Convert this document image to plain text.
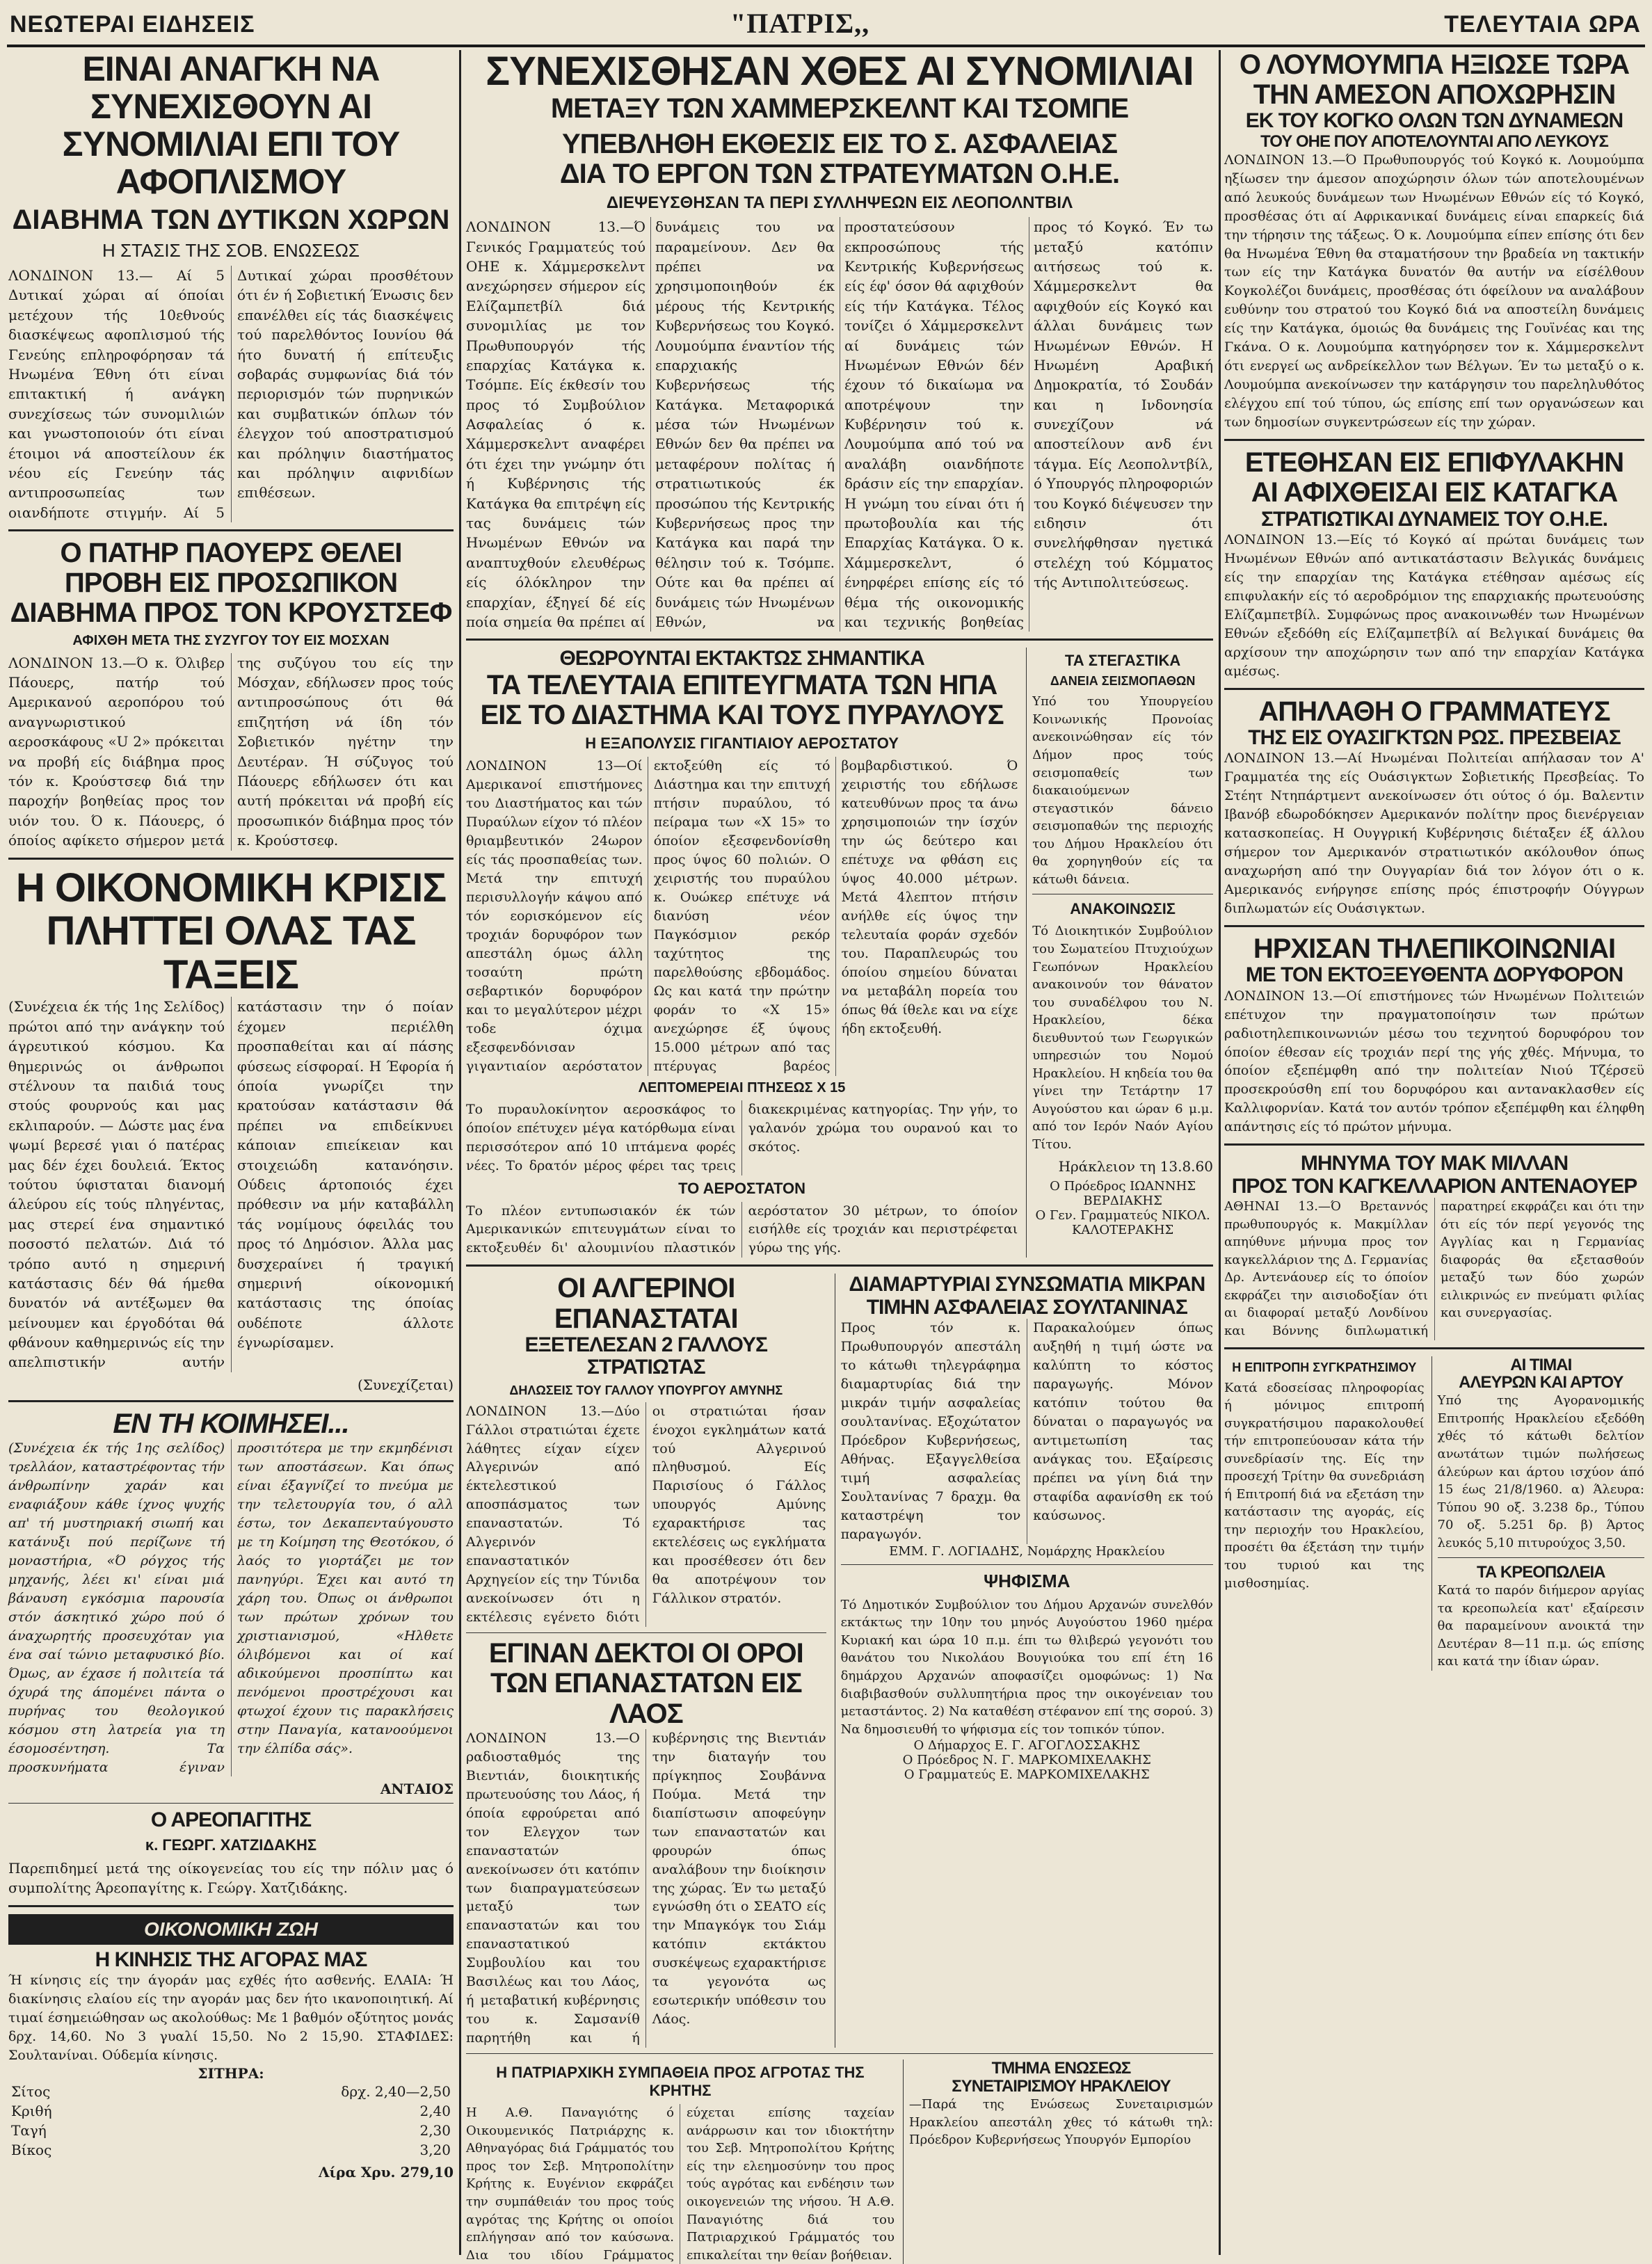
ΝΕΩΤΕΡΑΙ ΕΙΔΗΣΕΙΣ	"ΠΑΤΡΙΣ,,	ΤΕΛΕΥΤΑΙΑ ΩΡΑ
ΕΙΝΑΙ ΑΝΑΓΚΗ ΝΑ ΣΥΝΕΧΙΣΘΟΥΝ ΑΙ ΣΥΝΟΜΙΛΙΑΙ ΕΠΙ ΤΟΥ ΑΦΟΠΛΙΣΜΟΥ
ΔΙΑΒΗΜΑ ΤΩΝ ΔΥΤΙΚΩΝ ΧΩΡΩΝ
Η ΣΤΑΣΙΣ ΤΗΣ ΣΟΒ. ΕΝΩΣΕΩΣ

ΛΟΝΔΙΝΟΝ 13.— Αί 5 Δυτικαί χώραι αί όποίαι μετέχουν τής 10εθνούς διασκέψεως αφοπλισμού τής Γενεύης επληροφόρησαν τά Ηνωμένα Έθνη ότι είναι επιτακτική ή ανάγκη συνεχίσεως τών συνομιλιών και γνωστοποιούν ότι είναι έτοιμοι νά αποστείλουν έκ νέου είς Γενεύην τάς αντιπροσωπείας των οιανδήποτε στιγμήν. Αί 5 Δυτικαί χώραι προσθέτουν ότι έν ή Σοβιετική Ένωσις δεν επανέλθει είς τάς διασκέψεις τού παρελθόντος Ιουνίου θά ήτο δυνατή ή επίτευξις σοβαράς συμφωνίας διά τόν περιορισμόν τών πυρηνικών και συμβατικών όπλων τόν έλεγχον τού αποστρατισμού και πρόληψιν διαστήματος και πρόληψιν αιφνιδίων επιθέσεων.

Ο ΠΑΤΗΡ ΠΑΟΥΕΡΣ ΘΕΛΕΙ ΠΡΟΒΗ ΕΙΣ ΠΡΟΣΩΠΙΚΟΝ ΔΙΑΒΗΜΑ ΠΡΟΣ ΤΟΝ ΚΡΟΥΣΤΣΕΦ
ΑΦΙΧΘΗ ΜΕΤΑ ΤΗΣ ΣΥΖΥΓΟΥ ΤΟΥ ΕΙΣ ΜΟΣΧΑΝ

ΛΟΝΔΙΝΟΝ 13.—Ό κ. Όλιβερ Πάουερς, πατήρ τού Αμερικανού αεροπόρου τού αναγνωριστικού αεροσκάφους «U 2» πρόκειται να προβή είς διάβημα προς τόν κ. Κρούστσεφ διά την παροχήν βοηθείας προς τον υιόν του. Ό κ. Πάουερς, ό όποίος αφίκετο σήμερον μετά της συζύγου του είς την Μόσχαν, εδήλωσεν προς τούς αντιπροσώπους ότι θά επιζητήση νά ίδη τόν Σοβιετικόν ηγέτην την Δευτέραν. Ή σύζυγος τού Πάουερς εδήλωσεν ότι και αυτή πρόκειται νά προβή είς προσωπικόν διάβημα προς τόν κ. Κρούστσεφ.

Η ΟΙΚΟΝΟΜΙΚΗ ΚΡΙΣΙΣ ΠΛΗΤΤΕΙ ΟΛΑΣ ΤΑΣ ΤΑΞΕΙΣ

(Συνέχεια έκ τής 1ης Σελίδος) πρώτοι από την ανάγκην τού άγρευτικού κόσμου. Κα θημερινώς οι άνθρωποι στέλνουν τα παιδιά τους στούς φουρνούς και μας εκλιπαρούν. — Δώστε μας ένα ψωμί βερεσέ γιαι ό πατέρας μας δέν έχει δουλειά. Έκτος τούτου ύφισταται διανομή άλεύρου είς τούς πληγέντας, μας στερεί ένα σημαντικό ποσοστό πελατών. Διά τό τρόπο αυτό η σημερινή κατάστασις δέν θά ήμεθα δυνατόν νά αντέξωμεν θα μείνουμεν και έργοδόται θά φθάνουν καθημερινώς είς την απελπιστικήν αυτήν κατάστασιν την ό ποίαν έχομεν περιέλθη προσπαθείται και αί πάσης φύσεως είσφοραί. Η Έφορία ή όποία γνωρίζει την κρατούσαν κατάστασιν θά πρέπει να επιδείκνυει κάποιαν επιείκειαν και στοιχειώδη κατανόησιν. Ούδεις άρτοποιός έχει πρόθεσιν να μήν καταβάλλη τάς νομίμους όφειλάς του προς τό Δημόσιον. Άλλα μας δυσχεραίνει ή τραγική σημερινή οίκονομική κατάστασις της όποίας ουδέποτε άλλοτε έγνωρίσαμεν.

(Συνεχίζεται)
ΕΝ ΤΗ ΚΟΙΜΗΣΕΙ...

(Συνέχεια έκ τής 1ης σελίδος) τρελλάον, καταστρέφοντας τήν άνθρωπίνην χαράν και εναφιάξουν κάθε ίχνος ψυχής απ' τή μυστηριακή σιωπή και κατάνυξι πού περίζωνε τή μοναστήρια, «Ό ρόγχος τής μηχανής, λέει κι' είναι μιά βάναυση εγκόσμια παρουσία στόν άσκητικό χώρο πού ό άναχωρητής προσευχόταν για ένα σαί τώνιο μεταφυσικό βίο. Όμως, αν έχασε ή πολιτεία τά όχυρά της άπομένει πάντα ο πυρήνας του θεολογικού κόσμου στη λατρεία για τη έσομοσέντηση. Τα προσκυνήματα έγιναν προσιτότερα με την εκμηδένισι των αποστάσεων. Και όπως είναι έξαγνίζεί το πνεύμα με την τελετουργία του, ό αλλ έστω, τον Δεκαπενταύγουστο με τη Κοίμηση της Θεοτόκου, ό λαός το γιορτάζει με τον πανηγύρι. Έχει και αυτό τη χάρη του. Όπως οι άνθρωποι των πρώτων χρόνων του χριστιανισμού, «Ηλθετε όλιβόμενοι και οί καί αδικούμενοι προσπίπτω και πενόμενοι προστρέχουσι και φτωχοί έχουν τις παρακλήσεις στην Παναγία, κατανοούμενοι την έλπίδα σάς».

ΑΝΤΑΙΟΣ
Ο ΑΡΕΟΠΑΓΙΤΗΣ
κ. ΓΕΩΡΓ. ΧΑΤΖΙΔΑΚΗΣ

Παρεπιδημεί μετά της οίκογενείας του είς την πόλιν μας ό συμπολίτης Άρεοπαγίτης κ. Γεώργ. Χατζιδάκης.

ΟΙΚΟΝΟΜΙΚΗ ΖΩΗ
Η ΚΙΝΗΣΙΣ ΤΗΣ ΑΓΟΡΑΣ ΜΑΣ

Ή κίνησις είς την άγοράν μας εχθές ήτο ασθενής. ΕΛΑΙΑ: Ή διακίνησις ελαίου είς την αγοράν μας δεν ήτο ικανοποιητική. Αί τιμαί έσημειώθησαν ως ακολούθως: Με 1 βαθμόν οξύτητος μονάς δρχ. 14,60. Νο 3 γυαλί 15,50. Νο 2 15,90. ΣΤΑΦΙΔΕΣ: Σουλτανίναι. Ούδεμία κίνησις.

ΣΙΤΗΡΑ:
Σίτος	δρχ. 2,40—2,50
Κριθή	2,40
Ταγή	2,30
Βίκος	3,20
Λίρα Χρυ. 279,10
ΣΥΝΕΧΙΣΘΗΣΑΝ ΧΘΕΣ ΑΙ ΣΥΝΟΜΙΛΙΑΙ
ΜΕΤΑΞΥ ΤΩΝ ΧΑΜΜΕΡΣΚΕΛΝΤ ΚΑΙ ΤΣΟΜΠΕ
ΥΠΕΒΛΗΘΗ ΕΚΘΕΣΙΣ ΕΙΣ ΤΟ Σ. ΑΣΦΑΛΕΙΑΣ
ΔΙΑ ΤΟ ΕΡΓΟΝ ΤΩΝ ΣΤΡΑΤΕΥΜΑΤΩΝ Ο.Η.Ε.
ΔΙΕΨΕΥΣΘΗΣΑΝ ΤΑ ΠΕΡΙ ΣΥΛΛΗΨΕΩΝ ΕΙΣ ΛΕΟΠΟΛΝΤΒΙΛ

ΛΟΝΔΙΝΟΝ 13.—Ό Γενικός Γραμματεύς τού ΟΗΕ κ. Χάμμερσκελντ ανεχώρησεν σήμερον είς Ελίζαμπετβίλ διά συνομιλίας με τον Πρωθυπουργόν τής επαρχίας Κατάγκα κ. Τσόμπε. Είς έκθεσίν του προς τό Συμβούλιον Ασφαλείας ό κ. Χάμμερσκελντ αναφέρει ότι έχει την γνώμην ότι ή Κυβέρνησις τής Κατάγκα θα επιτρέψη είς τας δυνάμεις τών Ηνωμένων Εθνών να αναπτυχθούν ελευθέρως είς όλόκληρον την επαρχίαν, έξηγεί δέ είς ποία σημεία θα πρέπει αί δυνάμεις του να παραμείνουν. Δεν θα πρέπει να χρησιμοποιηθούν έκ μέρους τής Κεντρικής Κυβερνήσεως του Κογκό. Λουμούμπα έναντίον τής επαρχιακής Κυβερνήσεως τής Κατάγκα. Μεταφορικά μέσα τών Ηνωμένων Εθνών δεν θα πρέπει να μεταφέρουν πολίτας ή στρατιωτικούς έκ προσώπου τής Κεντρικής Κυβερνήσεως προς την Κατάγκα και παρά την θέλησιν τού κ. Τσόμπε. Ούτε και θα πρέπει αί δυνάμεις τών Ηνωμένων Εθνών, να προστατεύσουν εκπροσώπους τής Κεντρικής Κυβερνήσεως είς έφ' όσον θά αφιχθούν είς τήν Κατάγκα. Τέλος τονίζει ό Χάμμερσκελντ αί δυνάμεις τών Ηνωμένων Εθνών δέν έχουν τό δικαίωμα να αποτρέψουν την Κυβέρνησιν τού κ. Λουμούμπα από τού να αναλάβη οιανδήποτε δράσιν είς την επαρχίαν. Η γνώμη του είναι ότι ή πρωτοβουλία και τής Επαρχίας Κατάγκα. Ό κ. Χάμμερσκελντ, ό ένηρφέρει επίσης είς τό θέμα τής οικονομικής και τεχνικής βοηθείας προς τό Κογκό. Έν τω μεταξύ κατόπιν αιτήσεως τού κ. Χάμμερσκελντ θα αφιχθούν είς Κογκό και άλλαι δυνάμεις των Ηνωμένων Εθνών. Η Ηνωμένη Αραβική Δημοκρατία, τό Σουδάν και η Ινδονησία συνεχίζουν νά αποστείλουν ανδ ένι τάγμα. Είς Λεοπολντβίλ, ό Υπουργός πληροφοριών του Κογκό διέψευσεν την ειδησιν ότι συνελήφθησαν ηγετικά στελέχη τού Κόμματος τής Αντιπολιτεύσεως.

ΘΕΩΡΟΥΝΤΑΙ ΕΚΤΑΚΤΩΣ ΣΗΜΑΝΤΙΚΑ
ΤΑ ΤΕΛΕΥΤΑΙΑ ΕΠΙΤΕΥΓΜΑΤΑ ΤΩΝ ΗΠΑ
ΕΙΣ ΤΟ ΔΙΑΣΤΗΜΑ ΚΑΙ ΤΟΥΣ ΠΥΡΑΥΛΟΥΣ
Η ΕΞΑΠΟΛΥΣΙΣ ΓΙΓΑΝΤΙΑΙΟΥ ΑΕΡΟΣΤΑΤΟΥ

ΛΟΝΔΙΝΟΝ 13—Οί Αμερικανοί επιστήμονες του Διαστήματος και τών Πυραύλων είχον τό πλέον θριαμβευτικόν 24ωρον είς τάς προσπαθείας των. Μετά την επιτυχή περισυλλογήν κάψου από τόν εορισκόμενον είς τροχιάν δορυφόρον των απεστάλη όμως άλλη τοσαύτη πρώτη σεβαρτικόν δορυφόρον και το μεγαλύτερον μέχρι τοδε όχιμα εξεσφενδόνισαν γιγαντιαίον αερόστατον εκτοξεύθη είς τό Διάστημα και την επιτυχή πτήσιν πυραύλου, τό πείραμα των «Χ 15» το όποίον εξεσφενδονίσθη προς ύψος 60 πολιών. Ο χειριστής του πυραύλου κ. Ουώκερ επέτυχε νά διανύση νέον Παγκόσμιον ρεκόρ ταχύτητος της παρελθούσης εβδομάδος. Ως και κατά την πρώτην φοράν το «Χ 15» ανεχώρησε έξ ύψους 15.000 μέτρων από τας πτέρυγας βαρέος βομβαρδιστικού. Ό χειριστής του εδήλωσε κατευθύνων προς τα άνω χρησιμοποιών την ίσχύν την ώς δεύτερο και επέτυχε να φθάση εις ύψος 40.000 μέτρων. Μετά 4λεπτον πτήσιν ανήλθε είς ύψος την τελευταία φοράν σχεδόν του. Παραπλευρώς του όποίου σημείου δύναται να μεταβάλη πορεία του όπως θά ίθελε και να είχε ήδη εκτοξευθή.

ΛΕΠΤΟΜΕΡΕΙΑΙ ΠΤΗΣΕΩΣ Χ 15

Το πυραυλοκίνητον αεροσκάφος το όποίον επέτυχεν μέγα κατόρθωμα είναι περισσότερον από 10 ιπτάμενα φορές νέες. Το δρατόν μέρος φέρει τας τρεις διακεκριμένας κατηγορίας. Την γήν, το γαλανόν χρώμα του ουρανού και το σκότος.

ΤΟ ΑΕΡΟΣΤΑΤΟΝ

Το πλέον εντυπωσιακόν έκ τών Αμερικανικών επιτευγμάτων είναι το εκτοξευθέν δι' αλουμινίου πλαστικόν αερόστατον 30 μέτρων, το όποίον εισήλθε είς τροχιάν και περιστρέφεται γύρω της γής.

ΤΑ ΣΤΕΓΑΣΤΙΚΑ
ΔΑΝΕΙΑ ΣΕΙΣΜΟΠΑΘΩΝ

Υπό του Υπουργείου Κοινωνικής Προνοίας ανεκοινώθησαν είς τόν Δήμον προς τούς σεισμοπαθείς των διακαιούμενων στεγαστικόν δάνειο σεισμοπαθών της περιοχής του Δήμου Ηρακλείου ότι θα χορηγηθούν είς τα κάτωθι δάνεια.

ΑΝΑΚΟΙΝΩΣΙΣ

Τό Διοικητικόν Συμβούλιον του Σωματείου Πτυχιούχων Γεωπόνων Ηρακλείου ανακοινούν τον θάνατον του συναδέλφου του Ν. Ηρακλείου, δέκα διευθυντού των Γεωργικών υπηρεσιών του Νομού Ηρακλείου. Η κηδεία του θα γίνει την Τετάρτην 17 Αυγούστου και ώραν 6 μ.μ. από τον Ιερόν Ναόν Αγίου Τίτου.

Ηράκλειον τη 13.8.60
Ο Πρόεδρος ΙΩΑΝΝΗΣ ΒΕΡΔΙΑΚΗΣ
Ο Γεν. Γραμματεύς ΝΙΚΟΛ. ΚΑΛΟΤΕΡΑΚΗΣ
ΟΙ ΑΛΓΕΡΙΝΟΙ ΕΠΑΝΑΣΤΑΤΑΙ
ΕΞΕΤΕΛΕΣΑΝ 2 ΓΑΛΛΟΥΣ ΣΤΡΑΤΙΩΤΑΣ
ΔΗΛΩΣΕΙΣ ΤΟΥ ΓΑΛΛΟΥ ΥΠΟΥΡΓΟΥ ΑΜΥΝΗΣ

ΛΟΝΔΙΝΟΝ 13.—Δύο Γάλλοι στρατιώται έχετε λάθητες είχαν είχεν Αλγερινών από έκτελεστικού αποσπάσματος των επαναστατών. Τό Αλγερινόν επαναστατικόν Αρχηγείον είς την Τύνιδα ανεκοίνωσεν ότι η εκτέλεσις εγένετο διότι οι στρατιώται ήσαν ένοχοι εγκλημάτων κατά τού Αλγερινού πληθυσμού. Είς Παρισίους ό Γάλλος υπουργός Αμύνης εχαρακτήρισε τας εκτελέσεις ως εγκλήματα και προσέθεσεν ότι δεν θα αποτρέψουν τον Γάλλικον στρατόν.

ΕΓΙΝΑΝ ΔΕΚΤΟΙ ΟΙ ΟΡΟΙ
ΤΩΝ ΕΠΑΝΑΣΤΑΤΩΝ ΕΙΣ ΛΑΟΣ

ΛΟΝΔΙΝΟΝ 13.—Ο ραδιοσταθμός της Βιεντιάν, διοικητικής πρωτευούσης του Λάος, ή όποία εφρούρεται από τον Ελεγχον των επαναστατών ανεκοίνωσεν ότι κατόπιν των διαπραγματεύσεων μεταξύ των επαναστατών και του επαναστατικού Συμβουλίου και του Βασιλέως και του Λάος, ή μεταβατική κυβέρνησις του κ. Σαμσανίθ παρητήθη και ή κυβέρνησις της Βιεντιάν την διαταγήν του πρίγκηπος Σουβάννα Πούμα. Μετά την διαπίστωσιν αποφεύγην των επαναστατών και φρουρών όπως αναλάβουν την διοίκησιν της χώρας. Έν τω μεταξύ εγνώσθη ότι ο ΣΕΑΤΟ είς την Μπαγκόγκ του Σιάμ κατόπιν εκτάκτου συσκέψεως εχαρακτήρισε τα γεγονότα ως εσωτερικήν υπόθεσιν του Λάος.

ΔΙΑΜΑΡΤΥΡΙΑΙ ΣΥΝΣΩΜΑΤΙΑ ΜΙΚΡΑΝ
ΤΙΜΗΝ ΑΣΦΑΛΕΙΑΣ ΣΟΥΛΤΑΝΙΝΑΣ

Προς τόν κ. Πρωθυπουργόν απεστάλη το κάτωθι τηλεγράφημα διαμαρτυρίας διά την μικράν τιμήν ασφαλείας σουλτανίνας. Εξοχώτατον Πρόεδρον Κυβερνήσεως, Αθήνας. Εξαγγελθείσα τιμή ασφαλείας Σουλτανίνας 7 δραχμ. θα καταστρέψη τον παραγωγόν. Παρακαλούμεν όπως αυξηθή η τιμή ώστε να καλύπτη το κόστος παραγωγής. Μόνον κατόπιν τούτου θα δύναται ο παραγωγός να αντιμετωπίση τας ανάγκας του. Εξαίρεσις πρέπει να γίνη διά την σταφίδα αφανίσθη εκ τού καύσωνος.

ΕΜΜ. Γ. ΛΟΓΙΑΔΗΣ, Νομάρχης Ηρακλείου
ΨΗΦΙΣΜΑ

Τό Δημοτικόν Συμβούλιον του Δήμου Αρχανών συνελθόν εκτάκτως την 10ην του μηνός Αυγούστου 1960 ημέρα Κυριακή και ώρα 10 π.μ. έπι τω θλιβερώ γεγονότι του θανάτου του Νικολάου Βουγιούκα του επί έτη 16 δημάρχου Αρχανών αποφασίζει ομοφώνως: 1) Να διαβιβασθούν συλλυπητήρια προς την οικογένειαν του μεταστάντος. 2) Να καταθέση στέφανον επί της σορού. 3) Να δημοσιευθή το ψήφισμα είς τον τοπικόν τύπον.

Ο Δήμαρχος Ε. Γ. ΑΓΟΓΛΟΣΣΑΚΗΣ
Ο Πρόεδρος Ν. Γ. ΜΑΡΚΟΜΙΧΕΛΑΚΗΣ
Ο Γραμματεύς Ε. ΜΑΡΚΟΜΙΧΕΛΑΚΗΣ
Η ΠΑΤΡΙΑΡΧΙΚΗ ΣΥΜΠΑΘΕΙΑ ΠΡΟΣ ΑΓΡΟΤΑΣ ΤΗΣ ΚΡΗΤΗΣ

Η Α.Θ. Παναγιότης ό Οικουμενικός Πατριάρχης κ. Αθηναγόρας διά Γράμματός του προς τον Σεβ. Μητροπολίτην Κρήτης κ. Ευγένιον εκφράζει την συμπάθειάν του προς τούς αγρότας της Κρήτης οι οποίοι επλήγησαν από τον καύσωνα. Δια του ιδίου Γράμματος εύχεται επίσης ταχείαν ανάρρωσιν και τον ιδιοκτήτην του Σεβ. Μητροπολίτου Κρήτης είς την ελεημοσύνην του προς τούς αγρότας και ενδέησιν των οικογενειών της νήσου. Ή Α.Θ. Παναγιότης διά του Πατριαρχικού Γράμματός του επικαλείται την θείαν βοήθειαν.

ΤΜΗΜΑ ΕΝΩΣΕΩΣ
ΣΥΝΕΤΑΙΡΙΣΜΟΥ ΗΡΑΚΛΕΙΟΥ

—Παρά της Ενώσεως Συνεταιρισμών Ηρακλείου απεστάλη χθες τό κάτωθι τηλ: Πρόεδρον Κυβερνήσεως Υπουργόν Εμπορίου

Ο ΛΟΥΜΟΥΜΠΑ ΗΞΙΩΣΕ ΤΩΡΑ
ΤΗΝ ΑΜΕΣΟΝ ΑΠΟΧΩΡΗΣΙΝ
ΕΚ ΤΟΥ ΚΟΓΚΟ ΟΛΩΝ ΤΩΝ ΔΥΝΑΜΕΩΝ
ΤΟΥ ΟΗΕ ΠΟΥ ΑΠΟΤΕΛΟΥΝΤΑΙ ΑΠΟ ΛΕΥΚΟΥΣ

ΛΟΝΔΙΝΟΝ 13.—Ό Πρωθυπουργός τού Κογκό κ. Λουμούμπα ηξίωσεν την άμεσον αποχώρησιν όλων τών αποτελουμένων από λευκούς δυνάμεων των Ηνωμένων Εθνών είς τό Κογκό, προσθέσας ότι αί Αφρικανικαί δυνάμεις είναι επαρκείς διά την τήρησιν της τάξεως. Ό κ. Λουμούμπα είπεν επίσης ότι δεν θα Ηνωμένα Έθνη θα σταματήσουν την βραδεία νη τακτικήν των είς την Κατάγκα δυνατόν θα αυτήν να είσέλθουν Κογκολέζοι δυνάμεις, προσθέσας ότι όφείλουν να αναλάβουν ευθύνην του στρατού του Κογκό διά να αποστείλη δυνάμεις είς την Κατάγκα, όμοιώς θα δυνάμεις της Γουϊνέας και της Γκάνα. Ο κ. Λουμούμπα κατηγόρησεν τον κ. Χάμμερσκελντ ότι ενεργεί ως ανδρείκελλον των Βέλγων. Έν τω μεταξύ ο κ. Λουμούμπα ανεκοίνωσεν την κατάργησιν του παρεληλυθότος ελέγχου επί τού τύπου, ώς επίσης επί των οργανώσεων και των δημοσίων συγκεντρώσεων είς την χώραν.

ΕΤΕΘΗΣΑΝ ΕΙΣ ΕΠΙΦΥΛΑΚΗΝ
ΑΙ ΑΦΙΧΘΕΙΣΑΙ ΕΙΣ ΚΑΤΑΓΚΑ
ΣΤΡΑΤΙΩΤΙΚΑΙ ΔΥΝΑΜΕΙΣ ΤΟΥ Ο.Η.Ε.

ΛΟΝΔΙΝΟΝ 13.—Είς τό Κογκό αί πρώται δυνάμεις των Ηνωμένων Εθνών από αντικατάστασιν Βελγικάς δυνάμεις είς την επαρχίαν της Κατάγκα ετέθησαν αμέσως είς επιφυλακήν είς τό αεροδρόμιον της επαρχιακής πρωτευούσης Ελίζαμπετβίλ. Συμφώνως προς ανακοινωθέν των Ηνωμένων Εθνών εξεδόθη είς Ελίζαμπετβίλ αί Βελγικαί δυνάμεις θα αρχίσουν την αποχώρησιν των από την επαρχίαν Κατάγκα αμέσως.

ΑΠΗΛΑΘΗ Ο ΓΡΑΜΜΑΤΕΥΣ
ΤΗΣ ΕΙΣ ΟΥΑΣΙΓΚΤΩΝ ΡΩΣ. ΠΡΕΣΒΕΙΑΣ

ΛΟΝΔΙΝΟΝ 13.—Αί Ηνωμέναι Πολιτείαι απήλασαν τον Α' Γραμματέα της είς Ουάσιγκτων Σοβιετικής Πρεσβείας. Το Στέητ Ντηπάρτμεντ ανεκοίνωσεν ότι ούτος ό όμ. Βαλεντιν Ιβανόβ εδωροδόκησεν Αμερικανόν πολίτην προς διενέργειαν κατασκοπείας. Η Ουγγρική Κυβέρνησις διέταξεν έξ άλλου σήμερον τον Αμερικανόν στρατιωτικόν ακόλουθον όπως αναχωρήση από την Ουγγαρίαν διά τον λόγον ότι ο κ. Αμερικανός ενήργησε επίσης πρός έπιστροφήν Ούγγρων διπλωματών είς Ουάσιγκτων.

ΗΡΧΙΣΑΝ ΤΗΛΕΠΙΚΟΙΝΩΝΙΑΙ
ΜΕ ΤΟΝ ΕΚΤΟΞΕΥΘΕΝΤΑ ΔΟΡΥΦΟΡΟΝ

ΛΟΝΔΙΝΟΝ 13.—Οί επιστήμονες τών Ηνωμένων Πολιτειών επέτυχον την πραγματοποίησιν των πρώτων ραδιοτηλεπικοινωνιών μέσω του τεχνητού δορυφόρου τον όποίον έθεσαν είς τροχιάν περί της γής χθές. Μήνυμα, το όποίον εξεπέμφθη από την πολιτείαν Νιού Τζέρσεϋ προσεκρούσθη επί του δορυφόρου και αντανακλασθεν είς Καλλιφορνίαν. Κατά τον αυτόν τρόπον εξεπέμφθη και έληφθη απάντησις είς τό πρώτον μήνυμα.

ΜΗΝΥΜΑ ΤΟΥ ΜΑΚ ΜΙΛΛΑΝ
ΠΡΟΣ ΤΟΝ ΚΑΓΚΕΛΛΑΡΙΟΝ ΑΝΤΕΝΑΟΥΕΡ

ΑΘΗΝΑΙ 13.—Ό Βρεταννός πρωθυπουργός κ. Μακμίλλαν απηύθυνε μήνυμα προς τον καγκελλάριον της Δ. Γερμανίας Δρ. Αντενάουερ είς το όποίον εκφράζει την αισιοδοξίαν ότι αι διαφοραί μεταξύ Λονδίνου και Βόννης διπλωματική παρατηρεί εκφράζει και ότι την ότι είς τόν περί γεγονός της Αγγλίας και η Γερμανίας διαφοράς θα εξετασθούν μεταξύ των δύο χωρών ειλικρινώς εν πνεύματι φιλίας και συνεργασίας.

Η ΕΠΙΤΡΟΠΗ ΣΥΓΚΡΑΤΗΣΙΜΟΥ

Κατά εδοσείσας πληροφορίας ή μόνιμος επιτροπή συγκρατήσιμου παρακολουθεί τήν επιτροπεύουσαν κάτα τήν συνεδρίασίν της. Είς την προσεχή Τρίτην θα συνεδριάση ή Επιτροπή διά να εξετάση την κατάστασιν της αγοράς, είς την περιοχήν του Ηρακλείου, προσέτι θα έξετάση την τιμήν του τυριού και της μισθοσημίας.

ΑΙ ΤΙΜΑΙ
ΑΛΕΥΡΩΝ ΚΑΙ ΑΡΤΟΥ

Υπό της Αγορανομικής Επιτροπής Ηρακλείου εξεδόθη χθές τό κάτωθι δελτίον ανωτάτων τιμών πωλήσεως άλεύρων και άρτου ισχύον άπό 15 έως 21/8/1960. α) Άλευρα: Τύπου 90 οξ. 3.238 δρ., Τύπου 70 οξ. 5.251 δρ. β) Άρτος λευκός 5,10 πιτυρούχος 3,50.

ΤΑ ΚΡΕΟΠΩΛΕΙΑ

Κατά το παρόν διήμερον αργίας τα κρεοπωλεία κατ' εξαίρεσιν θα παραμείνουν ανοικτά την Δευτέραν 8—11 π.μ. ώς επίσης και κατά την ίδιαν ώραν.
